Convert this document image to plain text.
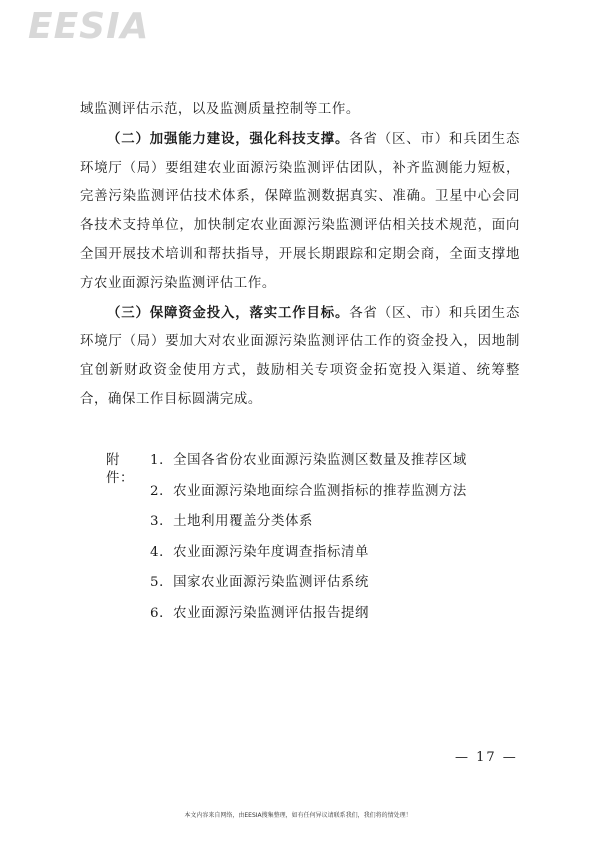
EESIA

域监测评估示范，以及监测质量控制等工作。

（二）加强能力建设，强化科技支撑。各省（区、市）和兵团生态环境厅（局）要组建农业面源污染监测评估团队，补齐监测能力短板，完善污染监测评估技术体系，保障监测数据真实、准确。卫星中心会同各技术支持单位，加快制定农业面源污染监测评估相关技术规范，面向全国开展技术培训和帮扶指导，开展长期跟踪和定期会商，全面支撑地方农业面源污染监测评估工作。

（三）保障资金投入，落实工作目标。各省（区、市）和兵团生态环境厅（局）要加大对农业面源污染监测评估工作的资金投入，因地制宜创新财政资金使用方式，鼓励相关专项资金拓宽投入渠道、统筹整合，确保工作目标圆满完成。

附件：
1．全国各省份农业面源污染监测区数量及推荐区域
2．农业面源污染地面综合监测指标的推荐监测方法
3．土地利用覆盖分类体系
4．农业面源污染年度调查指标清单
5．国家农业面源污染监测评估系统
6．农业面源污染监测评估报告提纲
— 17 —
本文内容来自网络，由EESIA搜集整理，如有任何异议请联系我们，我们将的情处理！
